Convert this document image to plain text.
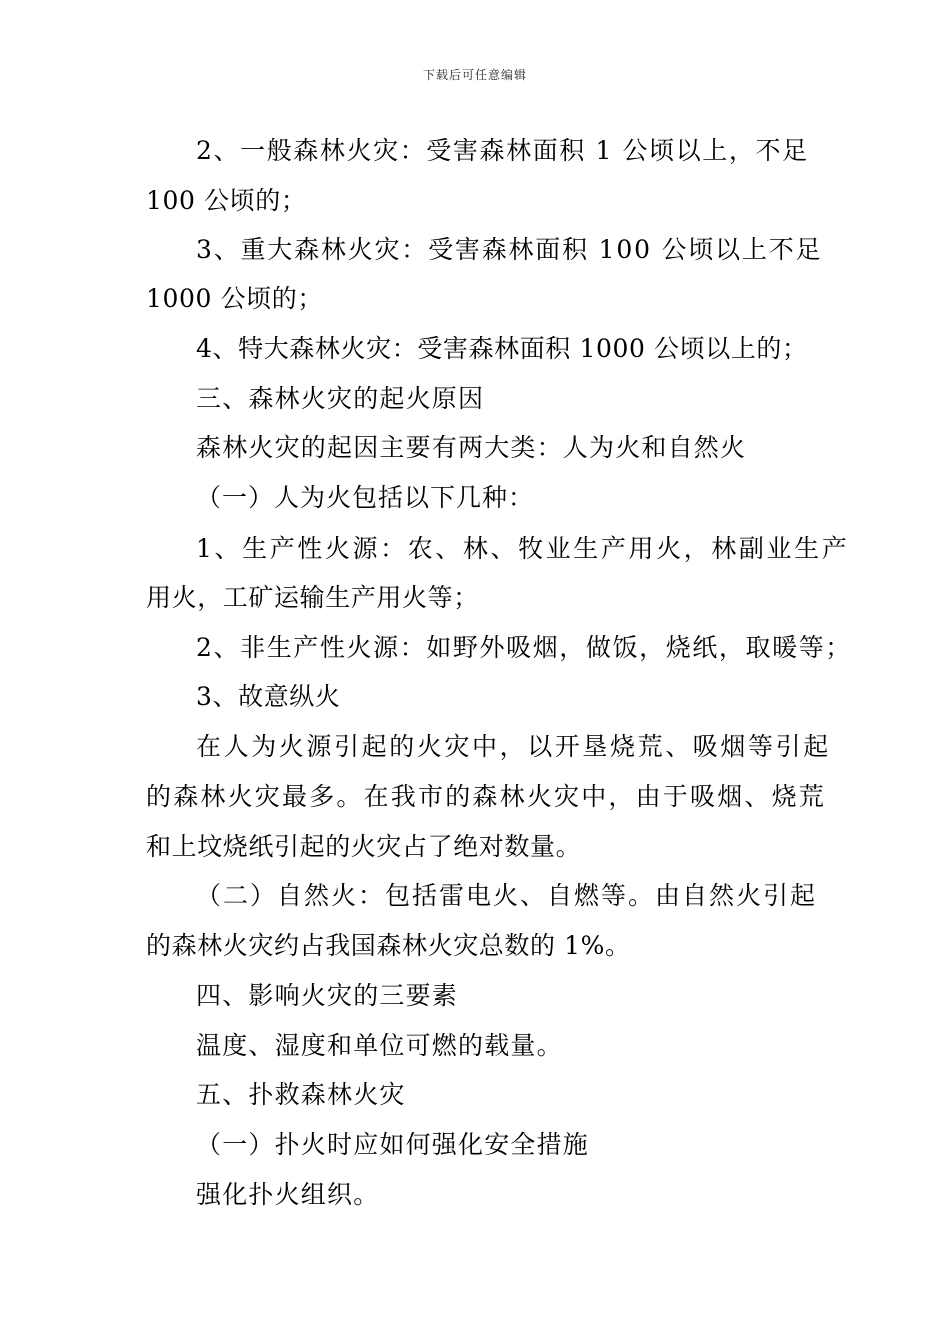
下载后可任意编辑
2、一般森林火灾：受害森林面积 1 公顷以上，不足
100 公顷的；
3、重大森林火灾：受害森林面积 100 公顷以上不足
1000 公顷的；
4、特大森林火灾：受害森林面积 1000 公顷以上的；
三、森林火灾的起火原因
森林火灾的起因主要有两大类：人为火和自然火
（一）人为火包括以下几种：
1、生产性火源：农、林、牧业生产用火，林副业生产
用火，工矿运输生产用火等；
2、非生产性火源：如野外吸烟，做饭，烧纸，取暖等；
3、故意纵火
在人为火源引起的火灾中，以开垦烧荒、吸烟等引起
的森林火灾最多。在我市的森林火灾中，由于吸烟、烧荒
和上坟烧纸引起的火灾占了绝对数量。
（二）自然火：包括雷电火、自燃等。由自然火引起
的森林火灾约占我国森林火灾总数的 1%。
四、影响火灾的三要素
温度、湿度和单位可燃的载量。
五、扑救森林火灾
（一）扑火时应如何强化安全措施
强化扑火组织。
